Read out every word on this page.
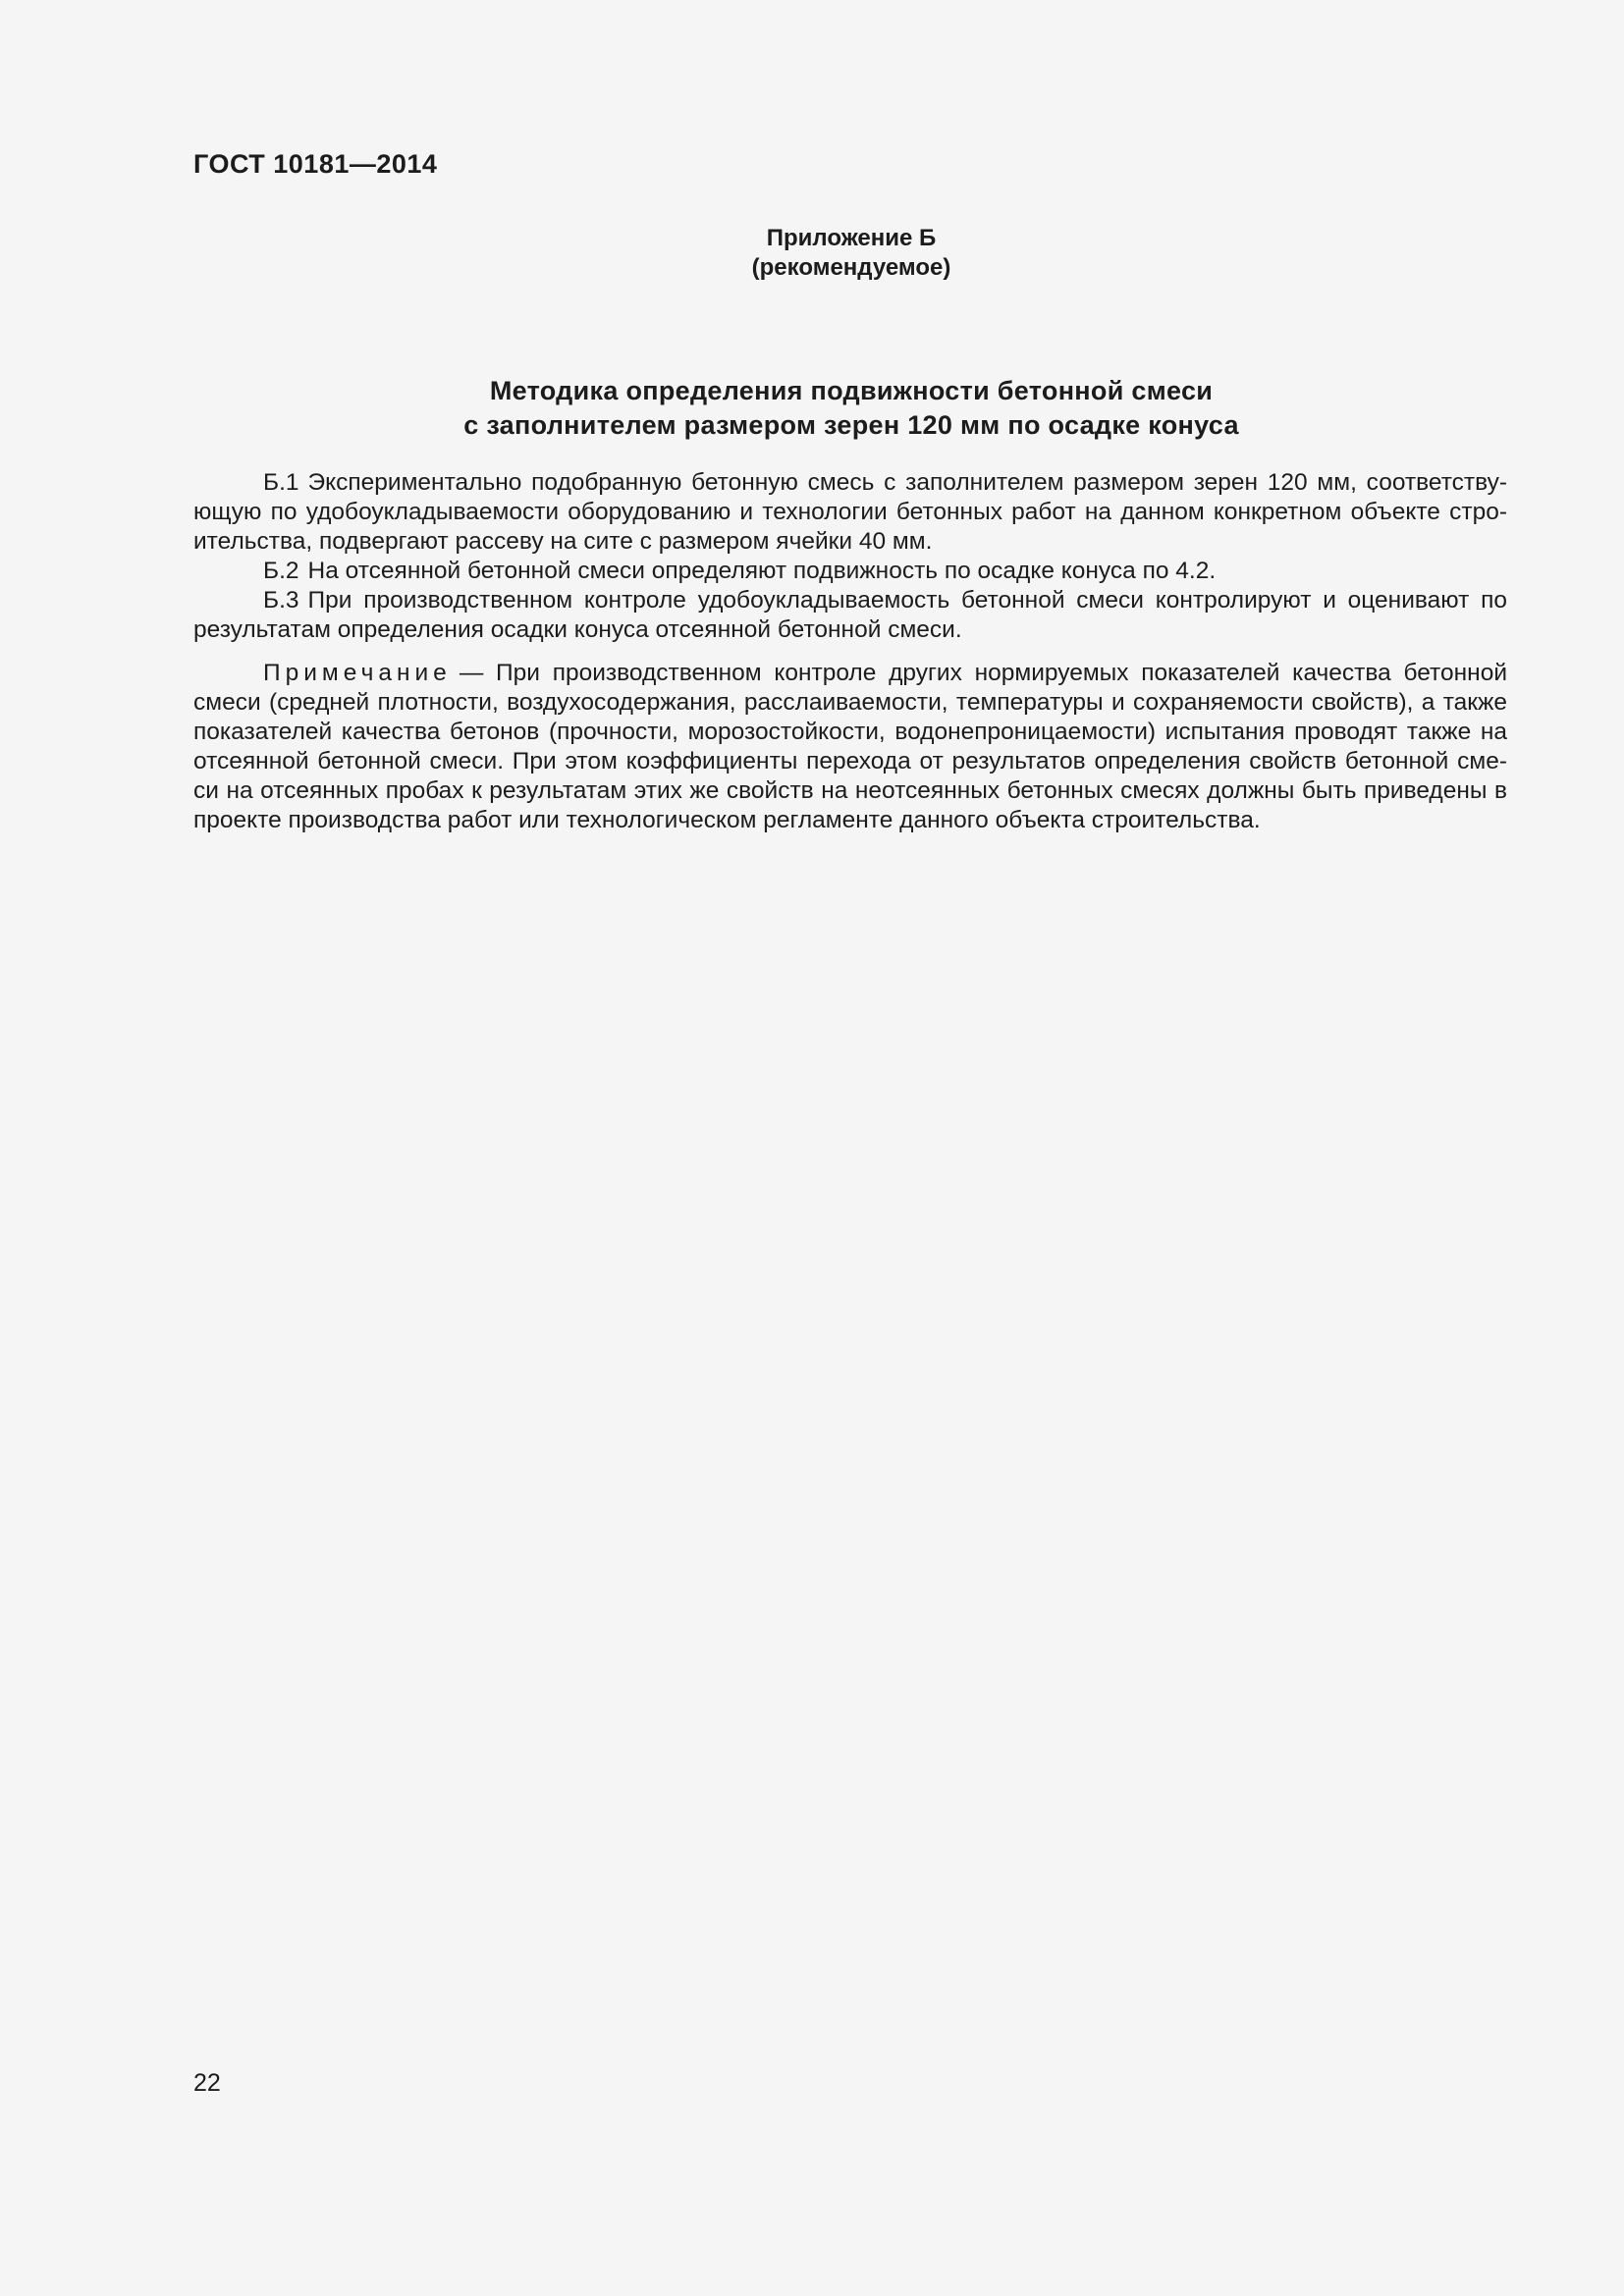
ГОСТ 10181—2014
Приложение Б
(рекомендуемое)
Методика определения подвижности бетонной смеси
с заполнителем размером зерен 120 мм по осадке конуса

Б.1 Экспериментально подобранную бетонную смесь с заполнителем размером зерен 120 мм, соответству-ющую по удобоукладываемости оборудованию и технологии бетонных работ на данном конкретном объекте стро-ительства, подвергают рассеву на сите с размером ячейки 40 мм.

Б.2 На отсеянной бетонной смеси определяют подвижность по осадке конуса по 4.2.

Б.3 При производственном контроле удобоукладываемость бетонной смеси контролируют и оценивают по результатам определения осадки конуса отсеянной бетонной смеси.

Примечание — При производственном контроле других нормируемых показателей качества бетонной смеси (средней плотности, воздухосодержания, расслаиваемости, температуры и сохраняемости свойств), а также показателей качества бетонов (прочности, морозостойкости, водонепроницаемости) испытания проводят также на отсеянной бетонной смеси. При этом коэффициенты перехода от результатов определения свойств бетонной сме-си на отсеянных пробах к результатам этих же свойств на неотсеянных бетонных смесях должны быть приведены в проекте производства работ или технологическом регламенте данного объекта строительства.

22
